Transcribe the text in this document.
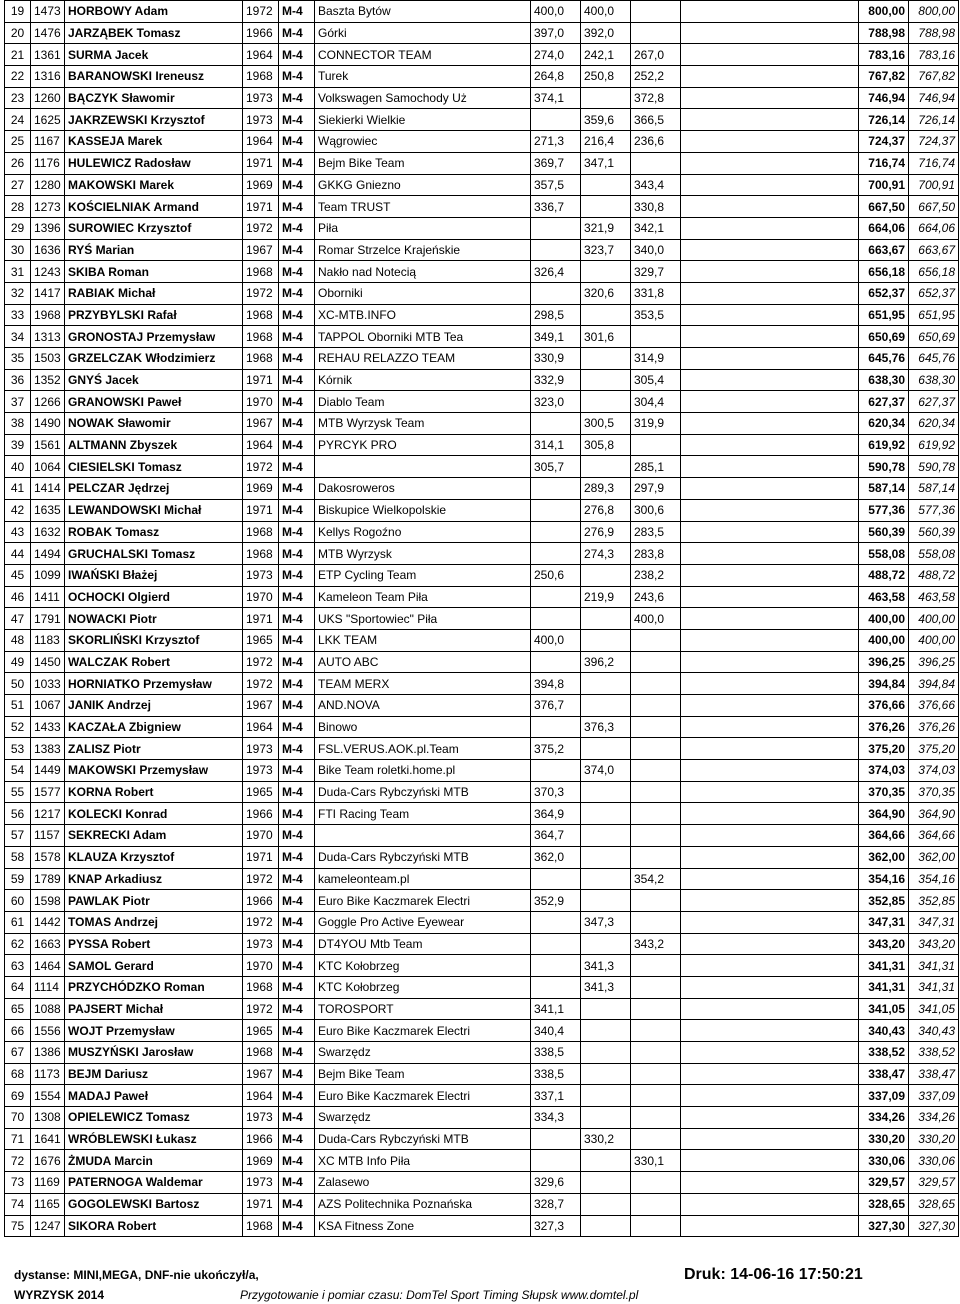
19	1473	HORBOWY Adam	1972	M-4	Baszta Bytów	400,0	400,0			800,00	800,00
20	1476	JARZĄBEK Tomasz	1966	M-4	Górki	397,0	392,0			788,98	788,98
21	1361	SURMA Jacek	1964	M-4	CONNECTOR TEAM	274,0	242,1	267,0		783,16	783,16
22	1316	BARANOWSKI Ireneusz	1968	M-4	Turek	264,8	250,8	252,2		767,82	767,82
23	1260	BĄCZYK Sławomir	1973	M-4	Volkswagen Samochody Uż	374,1		372,8		746,94	746,94
24	1625	JAKRZEWSKI Krzysztof	1973	M-4	Siekierki Wielkie		359,6	366,5		726,14	726,14
25	1167	KASSEJA Marek	1964	M-4	Wągrowiec	271,3	216,4	236,6		724,37	724,37
26	1176	HULEWICZ Radosław	1971	M-4	Bejm Bike Team	369,7	347,1			716,74	716,74
27	1280	MAKOWSKI Marek	1969	M-4	GKKG Gniezno	357,5		343,4		700,91	700,91
28	1273	KOŚCIELNIAK Armand	1971	M-4	Team TRUST	336,7		330,8		667,50	667,50
29	1396	SUROWIEC Krzysztof	1972	M-4	Piła		321,9	342,1		664,06	664,06
30	1636	RYŚ Marian	1967	M-4	Romar Strzelce Krajeńskie		323,7	340,0		663,67	663,67
31	1243	SKIBA Roman	1968	M-4	Nakło nad Notecią	326,4		329,7		656,18	656,18
32	1417	RABIAK Michał	1972	M-4	Oborniki		320,6	331,8		652,37	652,37
33	1968	PRZYBYLSKI Rafał	1968	M-4	XC-MTB.INFO	298,5		353,5		651,95	651,95
34	1313	GRONOSTAJ Przemysław	1968	M-4	TAPPOL Oborniki MTB Tea	349,1	301,6			650,69	650,69
35	1503	GRZELCZAK Włodzimierz	1968	M-4	REHAU RELAZZO TEAM	330,9		314,9		645,76	645,76
36	1352	GNYŚ Jacek	1971	M-4	Kórnik	332,9		305,4		638,30	638,30
37	1266	GRANOWSKI Paweł	1970	M-4	Diablo Team	323,0		304,4		627,37	627,37
38	1490	NOWAK Sławomir	1967	M-4	MTB Wyrzysk Team		300,5	319,9		620,34	620,34
39	1561	ALTMANN Zbyszek	1964	M-4	PYRCYK PRO	314,1	305,8			619,92	619,92
40	1064	CIESIELSKI Tomasz	1972	M-4		305,7		285,1		590,78	590,78
41	1414	PELCZAR Jędrzej	1969	M-4	Dakosroweros		289,3	297,9		587,14	587,14
42	1635	LEWANDOWSKI Michał	1971	M-4	Biskupice Wielkopolskie		276,8	300,6		577,36	577,36
43	1632	ROBAK Tomasz	1968	M-4	Kellys Rogoźno		276,9	283,5		560,39	560,39
44	1494	GRUCHALSKI Tomasz	1968	M-4	MTB Wyrzysk		274,3	283,8		558,08	558,08
45	1099	IWAŃSKI Błażej	1973	M-4	ETP Cycling Team	250,6		238,2		488,72	488,72
46	1411	OCHOCKI Olgierd	1970	M-4	Kameleon Team Piła		219,9	243,6		463,58	463,58
47	1791	NOWACKI Piotr	1971	M-4	UKS "Sportowiec" Piła			400,0		400,00	400,00
48	1183	SKORLIŃSKI Krzysztof	1965	M-4	LKK TEAM	400,0				400,00	400,00
49	1450	WALCZAK Robert	1972	M-4	AUTO ABC		396,2			396,25	396,25
50	1033	HORNIATKO Przemysław	1972	M-4	TEAM MERX	394,8				394,84	394,84
51	1067	JANIK Andrzej	1967	M-4	AND.NOVA	376,7				376,66	376,66
52	1433	KACZAŁA Zbigniew	1964	M-4	Binowo		376,3			376,26	376,26
53	1383	ZALISZ Piotr	1973	M-4	FSL.VERUS.AOK.pl.Team	375,2				375,20	375,20
54	1449	MAKOWSKI Przemysław	1973	M-4	Bike Team roletki.home.pl		374,0			374,03	374,03
55	1577	KORNA Robert	1965	M-4	Duda-Cars Rybczyński MTB	370,3				370,35	370,35
56	1217	KOLECKI Konrad	1966	M-4	FTI Racing Team	364,9				364,90	364,90
57	1157	SEKRECKI Adam	1970	M-4		364,7				364,66	364,66
58	1578	KLAUZA Krzysztof	1971	M-4	Duda-Cars Rybczyński MTB	362,0				362,00	362,00
59	1789	KNAP Arkadiusz	1972	M-4	kameleonteam.pl			354,2		354,16	354,16
60	1598	PAWLAK Piotr	1966	M-4	Euro Bike Kaczmarek Electri	352,9				352,85	352,85
61	1442	TOMAS Andrzej	1972	M-4	Goggle Pro Active Eyewear		347,3			347,31	347,31
62	1663	PYSSA Robert	1973	M-4	DT4YOU Mtb Team			343,2		343,20	343,20
63	1464	SAMOL Gerard	1970	M-4	KTC Kołobrzeg		341,3			341,31	341,31
64	1114	PRZYCHÓDZKO Roman	1968	M-4	KTC Kołobrzeg		341,3			341,31	341,31
65	1088	PAJSERT Michał	1972	M-4	TOROSPORT	341,1				341,05	341,05
66	1556	WOJT Przemysław	1965	M-4	Euro Bike Kaczmarek Electri	340,4				340,43	340,43
67	1386	MUSZYŃSKI Jarosław	1968	M-4	Swarzędz	338,5				338,52	338,52
68	1173	BEJM Dariusz	1967	M-4	Bejm Bike Team	338,5				338,47	338,47
69	1554	MADAJ Paweł	1964	M-4	Euro Bike Kaczmarek Electri	337,1				337,09	337,09
70	1308	OPIELEWICZ Tomasz	1973	M-4	Swarzędz	334,3				334,26	334,26
71	1641	WRÓBLEWSKI Łukasz	1966	M-4	Duda-Cars Rybczyński MTB		330,2			330,20	330,20
72	1676	ŻMUDA Marcin	1969	M-4	XC MTB Info Piła			330,1		330,06	330,06
73	1169	PATERNOGA Waldemar	1973	M-4	Zalasewo	329,6				329,57	329,57
74	1165	GOGOLEWSKI Bartosz	1971	M-4	AZS Politechnika Poznańska	328,7				328,65	328,65
75	1247	SIKORA Robert	1968	M-4	KSA Fitness Zone	327,3				327,30	327,30
dystanse: MINI,MEGA, DNF-nie ukończył/a,
WYRZYSK 2014	Przygotowanie i pomiar czasu: DomTel Sport Timing Słupsk www.domtel.pl
Druk: 14-06-16 17:50:21
